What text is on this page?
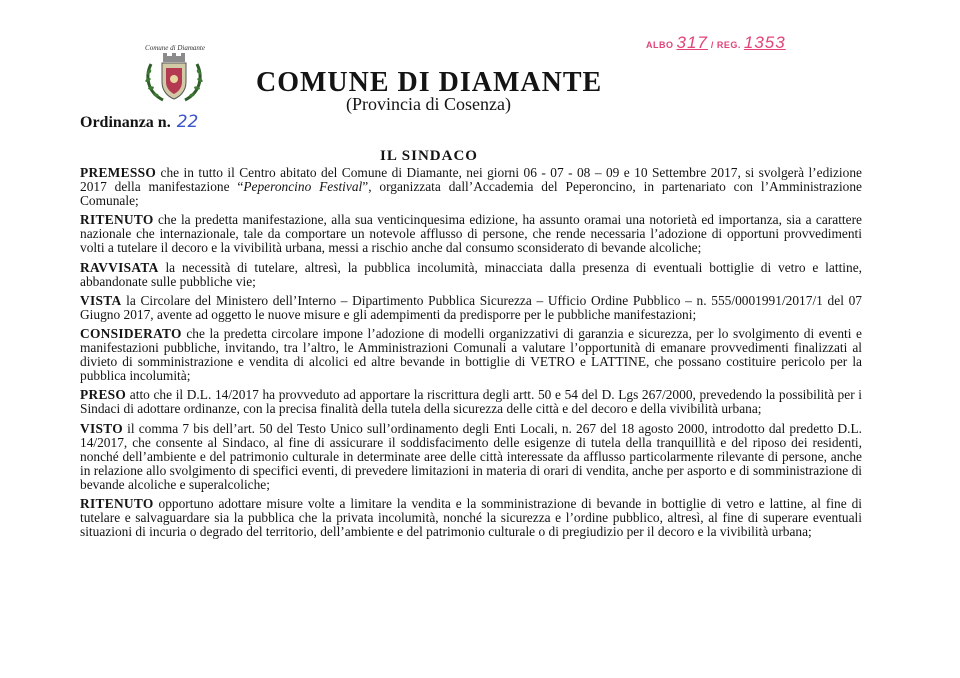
Comune di Diamante
COMUNE DI DIAMANTE
(Provincia di Cosenza)
ALBO 317 / REG. 1353
Ordinanza n. 22
IL SINDACO

PREMESSO che in tutto il Centro abitato del Comune di Diamante, nei giorni 06 - 07 - 08 – 09 e 10 Settembre 2017, si svolgerà l’edizione 2017 della manifestazione “Peperoncino Festival”, organizzata dall’Accademia del Peperoncino, in partenariato con l’Amministrazione Comunale;

RITENUTO che la predetta manifestazione, alla sua venticinquesima edizione, ha assunto oramai una notorietà ed importanza, sia a carattere nazionale che internazionale, tale da comportare un notevole afflusso di persone, che rende necessaria l’adozione di opportuni provvedimenti volti a tutelare il decoro e la vivibilità urbana, messi a rischio anche dal consumo sconsiderato di bevande alcoliche;

RAVVISATA la necessità di tutelare, altresì, la pubblica incolumità, minacciata dalla presenza di eventuali bottiglie di vetro e lattine, abbandonate sulle pubbliche vie;

VISTA la Circolare del Ministero dell’Interno – Dipartimento Pubblica Sicurezza – Ufficio Ordine Pubblico – n. 555/0001991/2017/1 del 07 Giugno 2017, avente ad oggetto le nuove misure e gli adempimenti da predisporre per le pubbliche manifestazioni;

CONSIDERATO che la predetta circolare impone l’adozione di modelli organizzativi di garanzia e sicurezza, per lo svolgimento di eventi e manifestazioni pubbliche, invitando, tra l’altro, le Amministrazioni Comunali a valutare l’opportunità di emanare provvedimenti finalizzati al divieto di somministrazione e vendita di alcolici ed altre bevande in bottiglie di VETRO e LATTINE, che possano costituire pericolo per la pubblica incolumità;

PRESO atto che il D.L. 14/2017 ha provveduto ad apportare la riscrittura degli artt. 50 e 54 del D. Lgs 267/2000, prevedendo la possibilità per i Sindaci di adottare ordinanze, con la precisa finalità della tutela della sicurezza delle città e del decoro e della vivibilità urbana;

VISTO il comma 7 bis dell’art. 50 del Testo Unico sull’ordinamento degli Enti Locali, n. 267 del 18 agosto 2000, introdotto dal predetto D.L. 14/2017, che consente al Sindaco, al fine di assicurare il soddisfacimento delle esigenze di tutela della tranquillità e del riposo dei residenti, nonché dell’ambiente e del patrimonio culturale in determinate aree delle città interessate da afflusso particolarmente rilevante di persone, anche in relazione allo svolgimento di specifici eventi, di prevedere limitazioni in materia di orari di vendita, anche per asporto e di somministrazione di bevande alcoliche e superalcoliche;

RITENUTO opportuno adottare misure volte a limitare la vendita e la somministrazione di bevande in bottiglie di vetro e lattine, al fine di tutelare e salvaguardare sia la pubblica che la privata incolumità, nonché la sicurezza e l’ordine pubblico, altresì, al fine di superare eventuali situazioni di incuria o degrado del territorio, dell’ambiente e del patrimonio culturale o di pregiudizio per il decoro e la vivibilità urbana;
